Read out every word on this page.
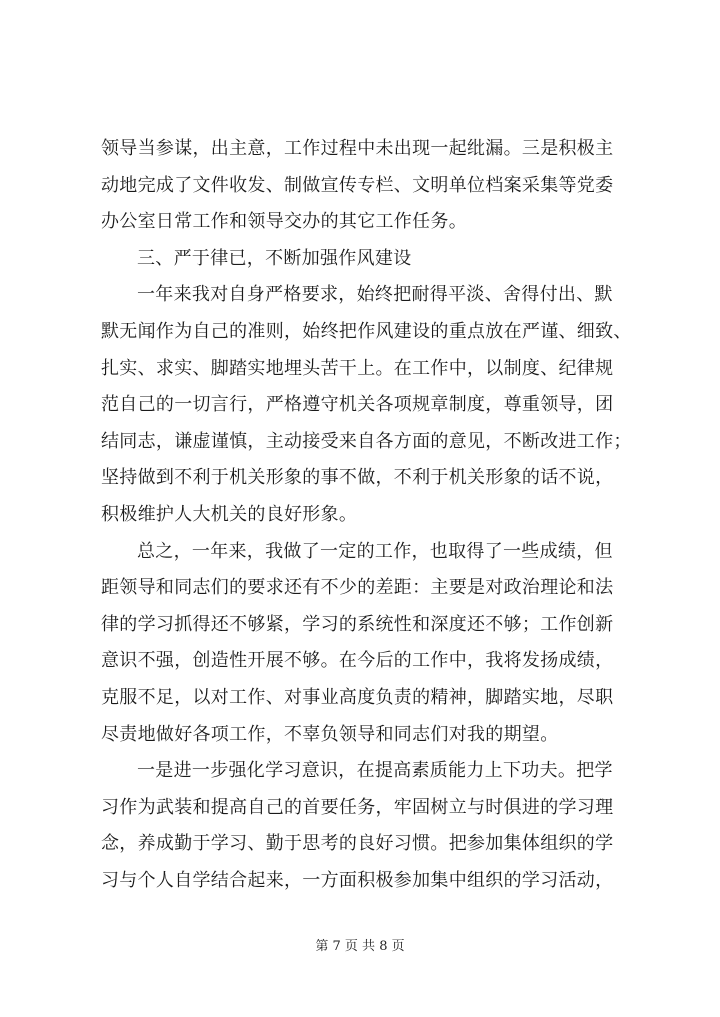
领导当参谋，出主意，工作过程中未出现一起纰漏。三是积极主
动地完成了文件收发、制做宣传专栏、文明单位档案采集等党委
办公室日常工作和领导交办的其它工作任务。
三、严于律已，不断加强作风建设
一年来我对自身严格要求，始终把耐得平淡、舍得付出、默
默无闻作为自己的准则，始终把作风建设的重点放在严谨、细致、
扎实、求实、脚踏实地埋头苦干上。在工作中，以制度、纪律规
范自己的一切言行，严格遵守机关各项规章制度，尊重领导，团
结同志，谦虚谨慎，主动接受来自各方面的意见，不断改进工作；
坚持做到不利于机关形象的事不做，不利于机关形象的话不说，
积极维护人大机关的良好形象。
总之，一年来，我做了一定的工作，也取得了一些成绩，但
距领导和同志们的要求还有不少的差距：主要是对政治理论和法
律的学习抓得还不够紧，学习的系统性和深度还不够；工作创新
意识不强，创造性开展不够。在今后的工作中，我将发扬成绩，
克服不足，以对工作、对事业高度负责的精神，脚踏实地，尽职
尽责地做好各项工作，不辜负领导和同志们对我的期望。
一是进一步强化学习意识，在提高素质能力上下功夫。把学
习作为武装和提高自己的首要任务，牢固树立与时俱进的学习理
念，养成勤于学习、勤于思考的良好习惯。把参加集体组织的学
习与个人自学结合起来，一方面积极参加集中组织的学习活动，
第 7 页 共 8 页
